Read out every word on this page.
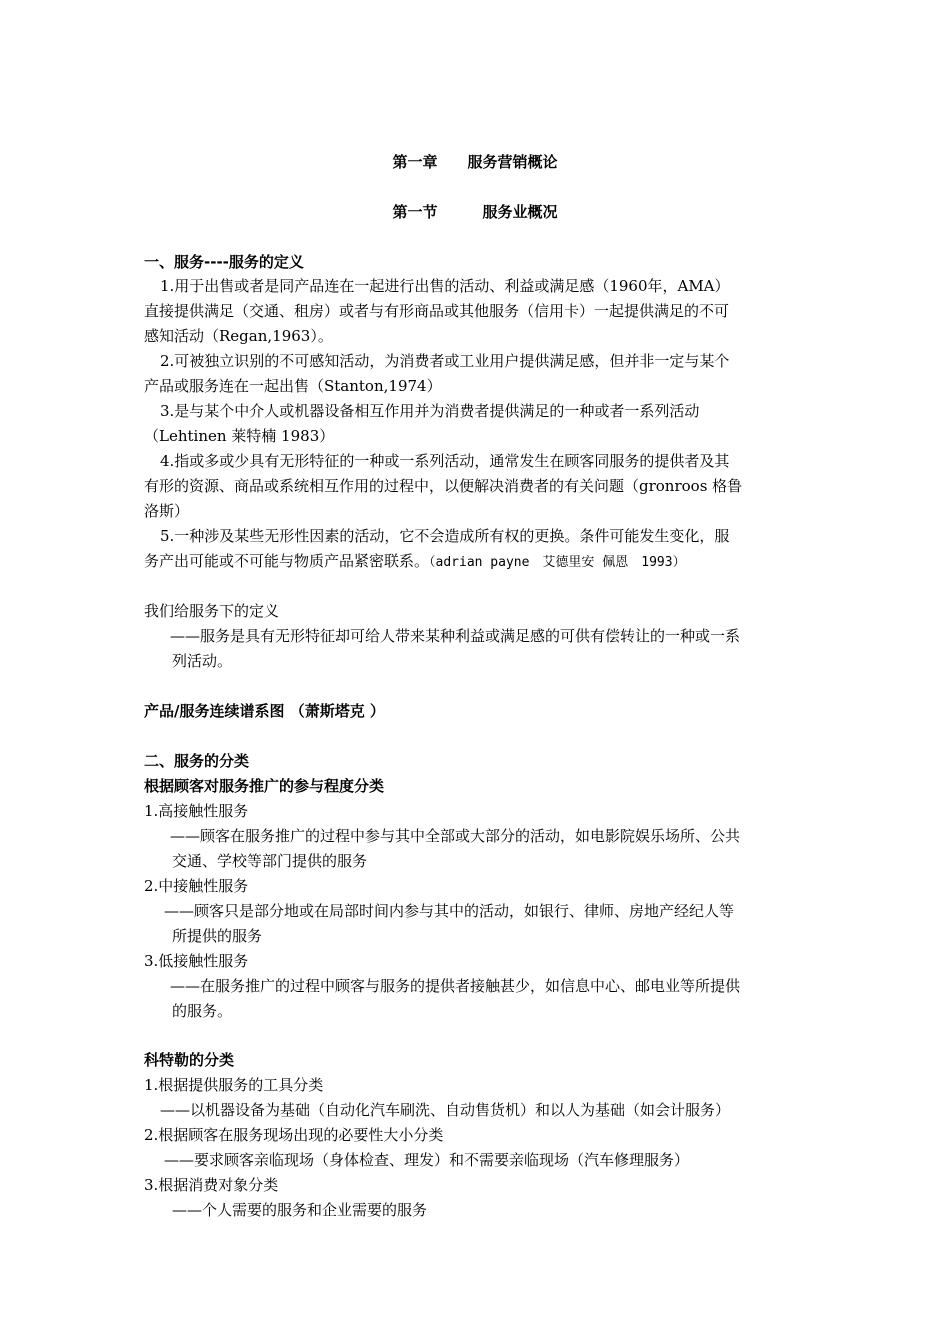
第一章　　服务营销概论
第一节　　　服务业概况
一、服务----服务的定义
1.用于出售或者是同产品连在一起进行出售的活动、利益或满足感（1960年，AMA）
直接提供满足（交通、租房）或者与有形商品或其他服务（信用卡）一起提供满足的不可
感知活动（Regan,1963）。
2.可被独立识别的不可感知活动，为消费者或工业用户提供满足感，但并非一定与某个
产品或服务连在一起出售（Stanton,1974）
3.是与某个中介人或机器设备相互作用并为消费者提供满足的一种或者一系列活动
（Lehtinen 莱特楠 1983）
4.指或多或少具有无形特征的一种或一系列活动，通常发生在顾客同服务的提供者及其
有形的资源、商品或系统相互作用的过程中，以便解决消费者的有关问题（gronroos 格鲁
洛斯）
5.一种涉及某些无形性因素的活动，它不会造成所有权的更换。条件可能发生变化，服
务产出可能或不可能与物质产品紧密联系。（adrian payne　艾德里安 佩恩　1993）
我们给服务下的定义
——服务是具有无形特征却可给人带来某种利益或满足感的可供有偿转让的一种或一系
列活动。
产品/服务连续谱系图 （萧斯塔克 ）
二、服务的分类
根据顾客对服务推广的参与程度分类
1.高接触性服务
——顾客在服务推广的过程中参与其中全部或大部分的活动，如电影院娱乐场所、公共
交通、学校等部门提供的服务
2.中接触性服务
——顾客只是部分地或在局部时间内参与其中的活动，如银行、律师、房地产经纪人等
所提供的服务
3.低接触性服务
——在服务推广的过程中顾客与服务的提供者接触甚少，如信息中心、邮电业等所提供
的服务。
科特勒的分类
1.根据提供服务的工具分类
——以机器设备为基础（自动化汽车刷洗、自动售货机）和以人为基础（如会计服务）
2.根据顾客在服务现场出现的必要性大小分类
——要求顾客亲临现场（身体检查、理发）和不需要亲临现场（汽车修理服务）
3.根据消费对象分类
——个人需要的服务和企业需要的服务
